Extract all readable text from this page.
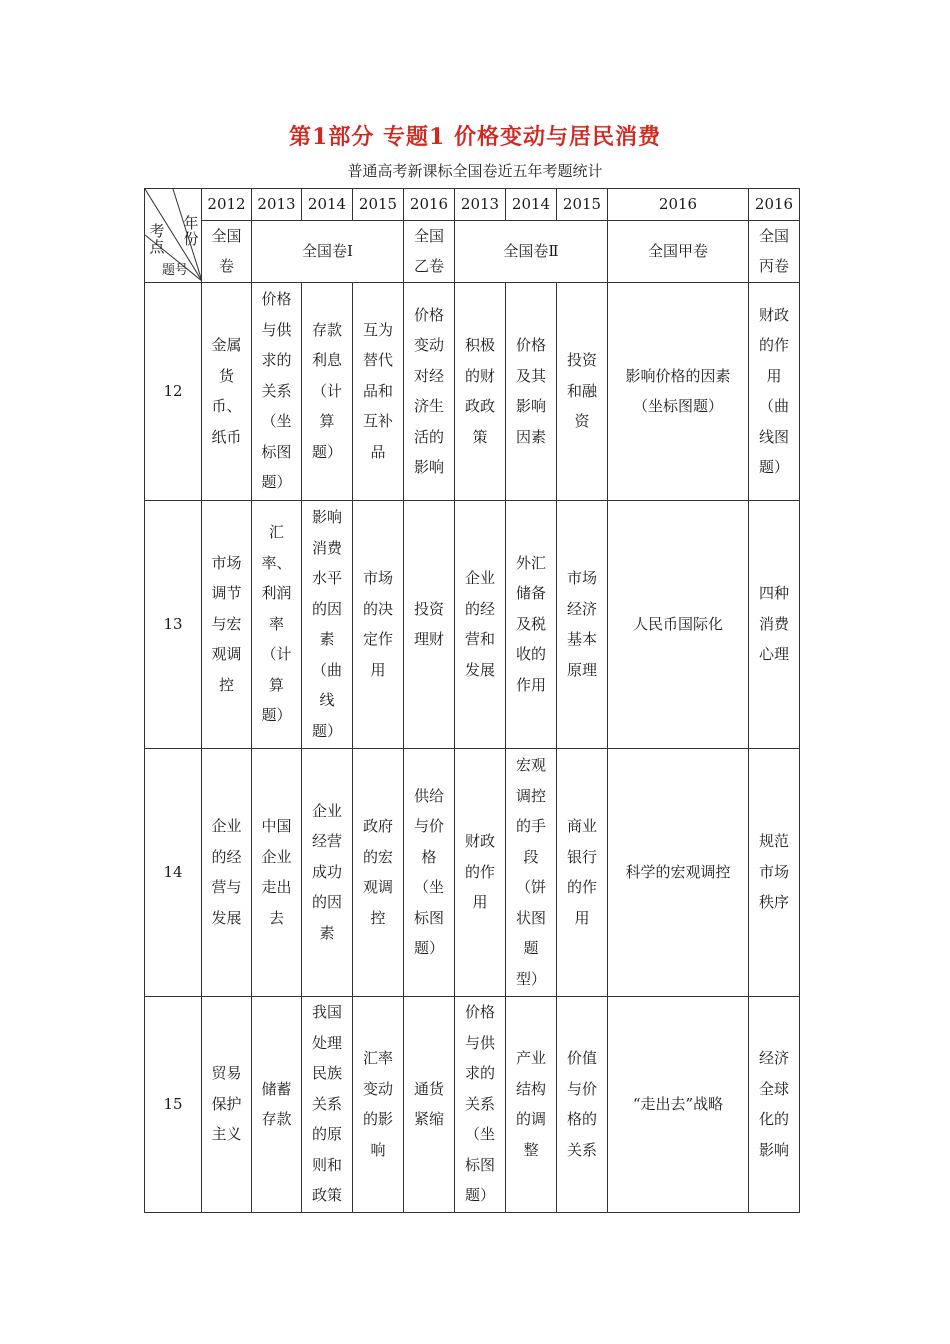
第1部分 专题1 价格变动与居民消费
普通高考新课标全国卷近五年考题统计
年份
考点
题号	2012	2013	2014	2015	2016	2013	2014	2015	2016	2016
	全国卷	全国卷Ⅰ			全国乙卷	全国卷Ⅱ			全国甲卷	全国丙卷
12	金属货币、纸币	价格与供求的关系（坐标图题）	存款利息（计算题）	互为替代品和互补品	价格变动对经济生活的影响	积极的财政政策	价格及其影响因素	投资和融资	影响价格的因素（坐标图题）	财政的作用（曲线图题）
13	市场调节与宏观调控	汇率、利润率（计算题）	影响消费水平的因素（曲线题）	市场的决定作用	投资理财	企业的经营和发展	外汇储备及税收的作用	市场经济基本原理	人民币国际化	四种消费心理
14	企业的经营与发展	中国企业走出去	企业经营成功的因素	政府的宏观调控	供给与价格（坐标图题）	财政的作用	宏观调控的手段（饼状图题型）	商业银行的作用	科学的宏观调控	规范市场秩序
15	贸易保护主义	储蓄存款	我国处理民族关系的原则和政策	汇率变动的影响	通货紧缩	价格与供求的关系（坐标图题）	产业结构的调整	价值与价格的关系	“走出去”战略	经济全球化的影响
